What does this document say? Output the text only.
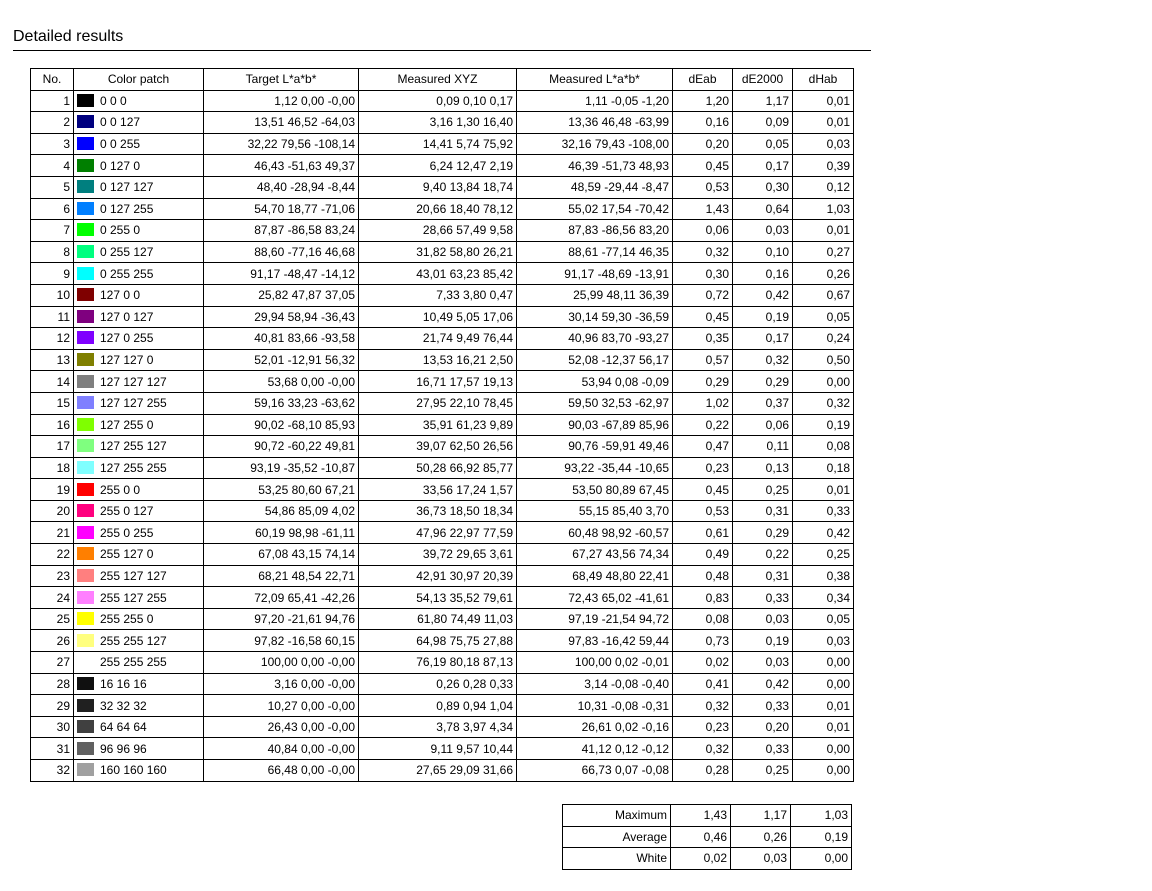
Detailed results
No.	Color patch	Target L*a*b*	Measured XYZ	Measured L*a*b*	dEab	dE2000	dHab
1	0 0 0	1,12 0,00 -0,00	0,09 0,10 0,17	1,11 -0,05 -1,20	1,20	1,17	0,01
2	0 0 127	13,51 46,52 -64,03	3,16 1,30 16,40	13,36 46,48 -63,99	0,16	0,09	0,01
3	0 0 255	32,22 79,56 -108,14	14,41 5,74 75,92	32,16 79,43 -108,00	0,20	0,05	0,03
4	0 127 0	46,43 -51,63 49,37	6,24 12,47 2,19	46,39 -51,73 48,93	0,45	0,17	0,39
5	0 127 127	48,40 -28,94 -8,44	9,40 13,84 18,74	48,59 -29,44 -8,47	0,53	0,30	0,12
6	0 127 255	54,70 18,77 -71,06	20,66 18,40 78,12	55,02 17,54 -70,42	1,43	0,64	1,03
7	0 255 0	87,87 -86,58 83,24	28,66 57,49 9,58	87,83 -86,56 83,20	0,06	0,03	0,01
8	0 255 127	88,60 -77,16 46,68	31,82 58,80 26,21	88,61 -77,14 46,35	0,32	0,10	0,27
9	0 255 255	91,17 -48,47 -14,12	43,01 63,23 85,42	91,17 -48,69 -13,91	0,30	0,16	0,26
10	127 0 0	25,82 47,87 37,05	7,33 3,80 0,47	25,99 48,11 36,39	0,72	0,42	0,67
11	127 0 127	29,94 58,94 -36,43	10,49 5,05 17,06	30,14 59,30 -36,59	0,45	0,19	0,05
12	127 0 255	40,81 83,66 -93,58	21,74 9,49 76,44	40,96 83,70 -93,27	0,35	0,17	0,24
13	127 127 0	52,01 -12,91 56,32	13,53 16,21 2,50	52,08 -12,37 56,17	0,57	0,32	0,50
14	127 127 127	53,68 0,00 -0,00	16,71 17,57 19,13	53,94 0,08 -0,09	0,29	0,29	0,00
15	127 127 255	59,16 33,23 -63,62	27,95 22,10 78,45	59,50 32,53 -62,97	1,02	0,37	0,32
16	127 255 0	90,02 -68,10 85,93	35,91 61,23 9,89	90,03 -67,89 85,96	0,22	0,06	0,19
17	127 255 127	90,72 -60,22 49,81	39,07 62,50 26,56	90,76 -59,91 49,46	0,47	0,11	0,08
18	127 255 255	93,19 -35,52 -10,87	50,28 66,92 85,77	93,22 -35,44 -10,65	0,23	0,13	0,18
19	255 0 0	53,25 80,60 67,21	33,56 17,24 1,57	53,50 80,89 67,45	0,45	0,25	0,01
20	255 0 127	54,86 85,09 4,02	36,73 18,50 18,34	55,15 85,40 3,70	0,53	0,31	0,33
21	255 0 255	60,19 98,98 -61,11	47,96 22,97 77,59	60,48 98,92 -60,57	0,61	0,29	0,42
22	255 127 0	67,08 43,15 74,14	39,72 29,65 3,61	67,27 43,56 74,34	0,49	0,22	0,25
23	255 127 127	68,21 48,54 22,71	42,91 30,97 20,39	68,49 48,80 22,41	0,48	0,31	0,38
24	255 127 255	72,09 65,41 -42,26	54,13 35,52 79,61	72,43 65,02 -41,61	0,83	0,33	0,34
25	255 255 0	97,20 -21,61 94,76	61,80 74,49 11,03	97,19 -21,54 94,72	0,08	0,03	0,05
26	255 255 127	97,82 -16,58 60,15	64,98 75,75 27,88	97,83 -16,42 59,44	0,73	0,19	0,03
27	255 255 255	100,00 0,00 -0,00	76,19 80,18 87,13	100,00 0,02 -0,01	0,02	0,03	0,00
28	16 16 16	3,16 0,00 -0,00	0,26 0,28 0,33	3,14 -0,08 -0,40	0,41	0,42	0,00
29	32 32 32	10,27 0,00 -0,00	0,89 0,94 1,04	10,31 -0,08 -0,31	0,32	0,33	0,01
30	64 64 64	26,43 0,00 -0,00	3,78 3,97 4,34	26,61 0,02 -0,16	0,23	0,20	0,01
31	96 96 96	40,84 0,00 -0,00	9,11 9,57 10,44	41,12 0,12 -0,12	0,32	0,33	0,00
32	160 160 160	66,48 0,00 -0,00	27,65 29,09 31,66	66,73 0,07 -0,08	0,28	0,25	0,00
Maximum	1,43	1,17	1,03
Average	0,46	0,26	0,19
White	0,02	0,03	0,00
